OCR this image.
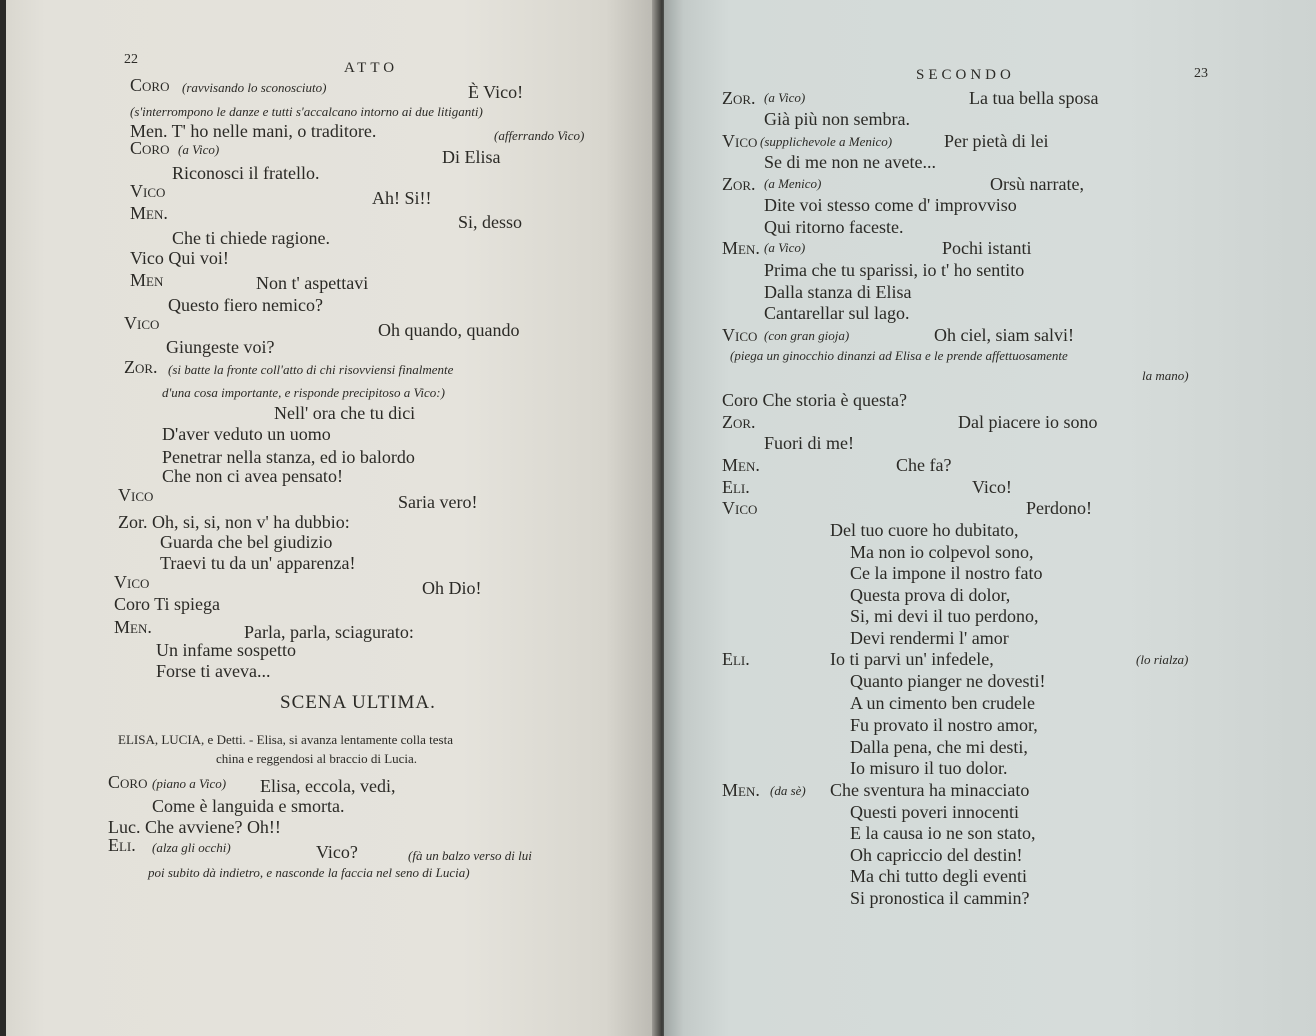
22
ATTO
Coro (ravvisando lo sconosciuto)	È Vico!
(s'interrompono le danze e tutti s'accalcano intorno ai due litiganti)
Men. T' ho nelle mani, o traditore.	(afferrando Vico)
Coro (a Vico)	Di Elisa
Riconosci il fratello.
Vico	Ah! Si!!
Men.	Si, desso
Che ti chiede ragione.
Vico Qui voi!
Men	Non t' aspettavi
Questo fiero nemico?
Vico	Oh quando, quando
Giungeste voi?
Zor. (si batte la fronte coll'atto di chi risovviensi finalmente
d'una cosa importante, e risponde precipitoso a Vico:)
Nell' ora che tu dici
D'aver veduto un uomo
Penetrar nella stanza, ed io balordo
Che non ci avea pensato!
Vico	Saria vero!
Zor. Oh, si, si, non v' ha dubbio:
Guarda che bel giudizio
Traevi tu da un' apparenza!
Vico	Oh Dio!
Coro Ti spiega
Men.	Parla, parla, sciagurato:
Un infame sospetto
Forse ti aveva...
SCENA ULTIMA.
ELISA, LUCIA, e Detti. - Elisa, si avanza lentamente colla testa
china e reggendosi al braccio di Lucia.
Coro (piano a Vico) Elisa, eccola, vedi,
Come è languida e smorta.
Luc. Che avviene? Oh!!
Eli. (alza gli occhi)	Vico?	(fà un balzo verso di lui
poi subito dà indietro, e nasconde la faccia nel seno di Lucia)
SECONDO	23
Zor. (a Vico)	La tua bella sposa
Già più non sembra.
Vico (supplichevole a Menico)	Per pietà di lei
Se di me non ne avete...
Zor. (a Menico)	Orsù narrate,
Dite voi stesso come d' improvviso
Qui ritorno faceste.
Men. (a Vico)	Pochi istanti
Prima che tu sparissi, io t' ho sentito
Dalla stanza di Elisa
Cantarellar sul lago.
Vico (con gran gioja)	Oh ciel, siam salvi!
(piega un ginocchio dinanzi ad Elisa e le prende affettuosamente
la mano)
Coro Che storia è questa?
Zor.	Dal piacere io sono
Fuori di me!
Men.	Che fa?
Eli.	Vico!
Vico	Perdono!
Del tuo cuore ho dubitato,
Ma non io colpevol sono,
Ce la impone il nostro fato
Questa prova di dolor,
Si, mi devi il tuo perdono,
Devi rendermi l' amor
Eli.	Io ti parvi un' infedele,	(lo rialza)
Quanto pianger ne dovesti!
A un cimento ben crudele
Fu provato il nostro amor,
Dalla pena, che mi desti,
Io misuro il tuo dolor.
Men. (da sè) Che sventura ha minacciato
Questi poveri innocenti
E la causa io ne son stato,
Oh capriccio del destin!
Ma chi tutto degli eventi
Si pronostica il cammin?
